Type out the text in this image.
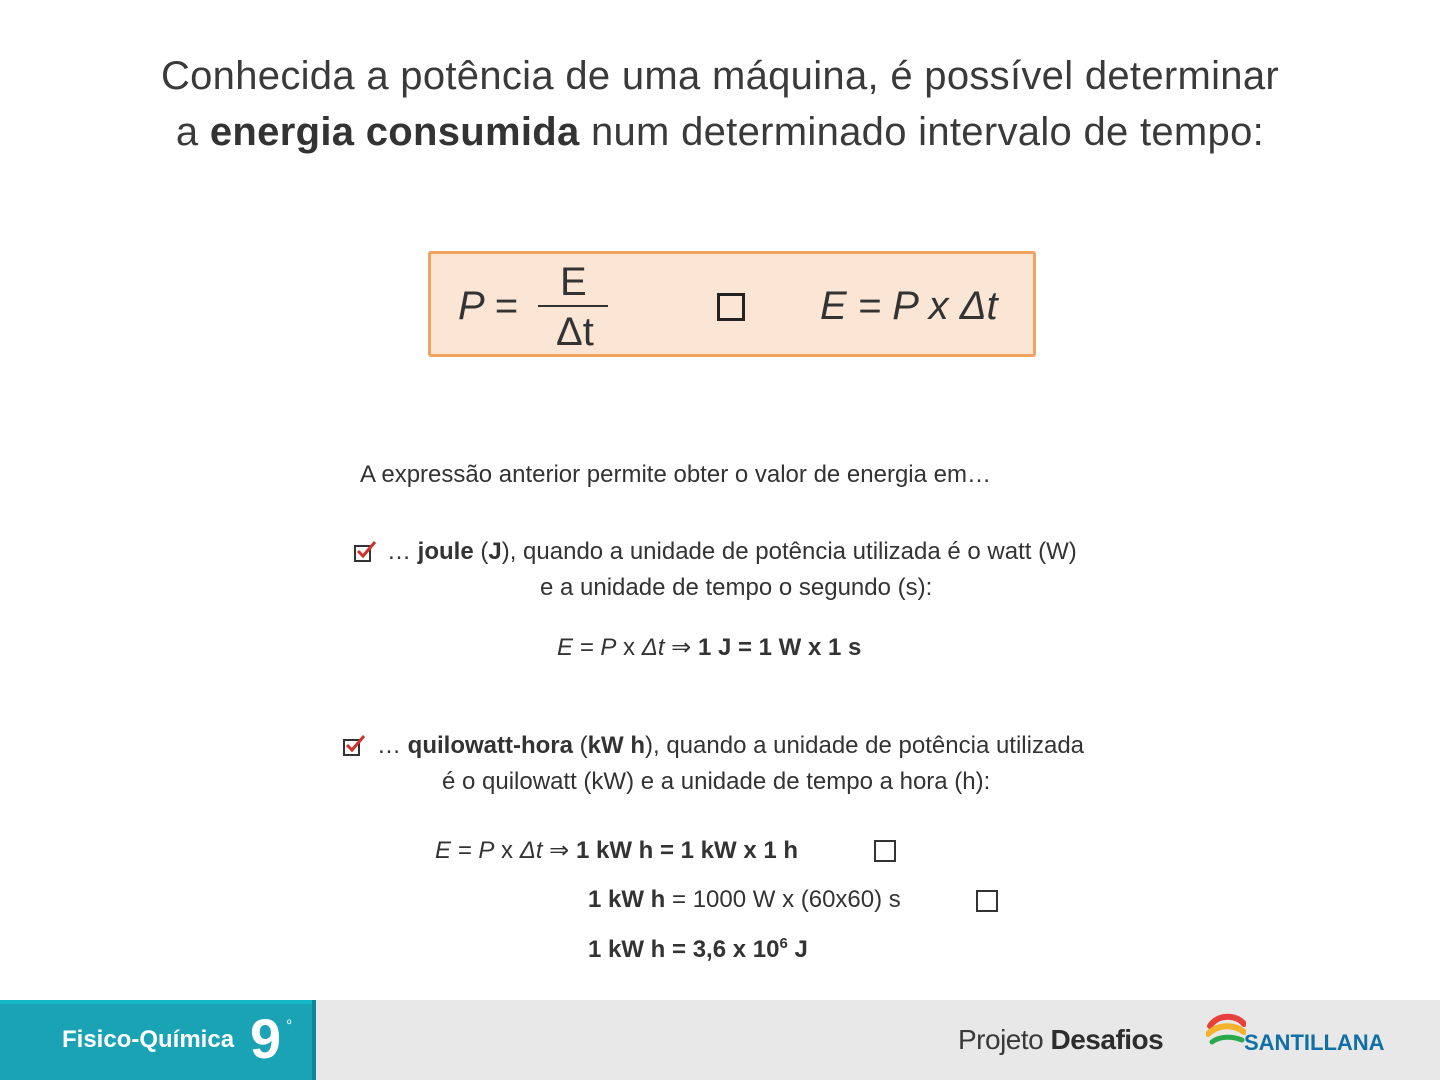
Conhecida a potência de uma máquina, é possível determinar
a energia consumida num determinado intervalo de tempo:
P =
E
Δt
E = P x Δt
A expressão anterior permite obter o valor de energia em…
… joule (J), quando a unidade de potência utilizada é o watt (W)
e a unidade de tempo o segundo (s):
E = P x Δt ⇒ 1 J = 1 W x 1 s
… quilowatt-hora (kW h), quando a unidade de potência utilizada
é o quilowatt (kW) e a unidade de tempo a hora (h):
E = P x Δt ⇒ 1 kW h = 1 kW x 1 h
1 kW h = 1000 W x (60x60) s
1 kW h = 3,6 x $10^6$ J
Fisico-Química 9 º	Projeto Desafios	SANTILLANA
